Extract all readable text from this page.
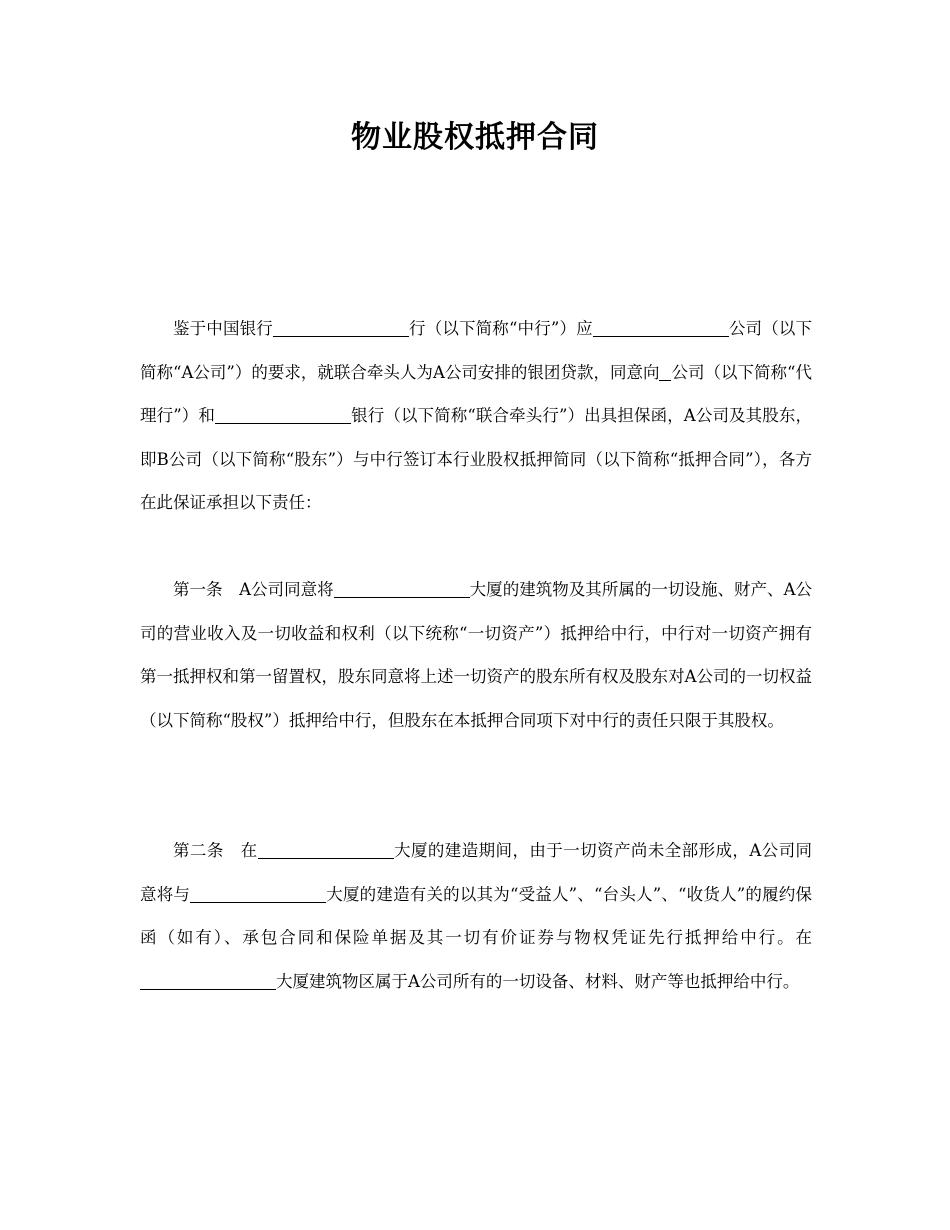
物业股权抵押合同

鉴于中国银行	行（以下简称“中行”）应	公司（以下简称“A公司”）的要求，就联合牵头人为A公司安排的银团贷款，同意向 公司（以下简称“代理行”）和	银行（以下简称“联合牵头行”）出具担保函，A公司及其股东，即B公司（以下简称“股东”）与中行签订本行业股权抵押简同（以下简称“抵押合同”），各方在此保证承担以下责任：

第一条　A公司同意将	大厦的建筑物及其所属的一切设施、财产、A公司的营业收入及一切收益和权利（以下统称“一切资产”）抵押给中行，中行对一切资产拥有第一抵押权和第一留置权，股东同意将上述一切资产的股东所有权及股东对A公司的一切权益（以下简称“股权”）抵押给中行，但股东在本抵押合同项下对中行的责任只限于其股权。

第二条　在	大厦的建造期间，由于一切资产尚未全部形成，A公司同意将与	大厦的建造有关的以其为“受益人”、“台头人”、“收货人”的履约保函（如有）、承包合同和保险单据及其一切有价证券与物权凭证先行抵押给中行。在大厦建筑物区属于A公司所有的一切设备、材料、财产等也抵押给中行。
